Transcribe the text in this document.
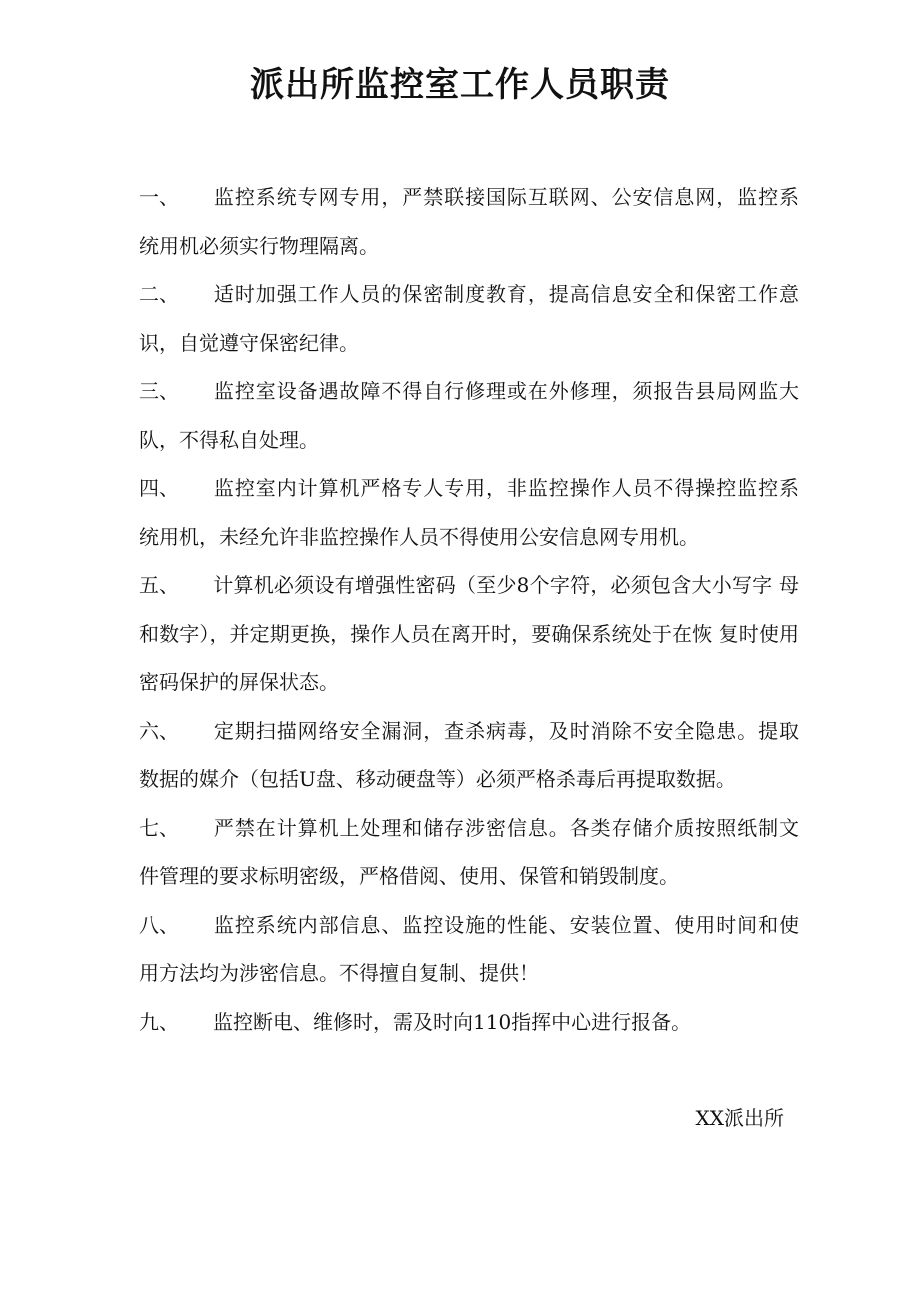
派出所监控室工作人员职责

一、 监控系统专网专用，严禁联接国际互联网、公安信息网，监控系 统用机必须实行物理隔离。

二、 适时加强工作人员的保密制度教育，提高信息安全和保密工作意 识，自觉遵守保密纪律。

三、 监控室设备遇故障不得自行修理或在外修理，须报告县局网监大 队，不得私自处理。

四、 监控室内计算机严格专人专用，非监控操作人员不得操控监控系 统用机，未经允许非监控操作人员不得使用公安信息网专用机。

五、 计算机必须设有增强性密码（至少8个字符，必须包含大小写字 母和数字），并定期更换，操作人员在离开时，要确保系统处于在恢 复时使用密码保护的屏保状态。

六、 定期扫描网络安全漏洞，查杀病毒，及时消除不安全隐患。提取 数据的媒介（包括U盘、移动硬盘等）必须严格杀毒后再提取数据。

七、 严禁在计算机上处理和储存涉密信息。各类存储介质按照纸制文 件管理的要求标明密级，严格借阅、使用、保管和销毁制度。

八、 监控系统内部信息、监控设施的性能、安装位置、使用时间和使 用方法均为涉密信息。不得擅自复制、提供！

九、 监控断电、维修时，需及时向110指挥中心进行报备。

XX派出所
